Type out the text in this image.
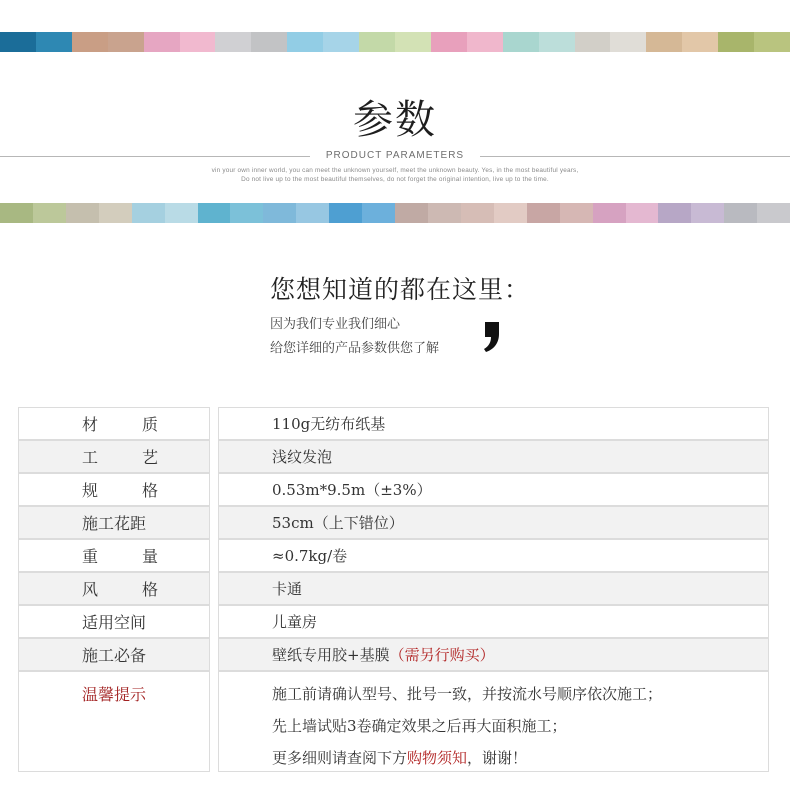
参数
PRODUCT PARAMETERS
vin your own inner world, you can meet the unknown yourself, meet the unknown beauty. Yes, in the most beautiful years,
Do not live up to the most beautiful themselves, do not forget the original intention, live up to the time.
您想知道的都在这里：
因为我们专业我们细心
给您详细的产品参数供您了解
材	质	110g无纺布纸基
工	艺	浅纹发泡
规	格	0.53m*9.5m（±3%）
施工花距	53cm（上下错位）
重	量	≈0.7kg/卷
风	格	卡通
适用空间	儿童房
施工必备	壁纸专用胶+基膜 （需另行购买）
温馨提示	施工前请确认型号、批号一致，并按流水号顺序依次施工；
先上墙试贴3卷确定效果之后再大面积施工；
更多细则请查阅下方购物须知，谢谢！
